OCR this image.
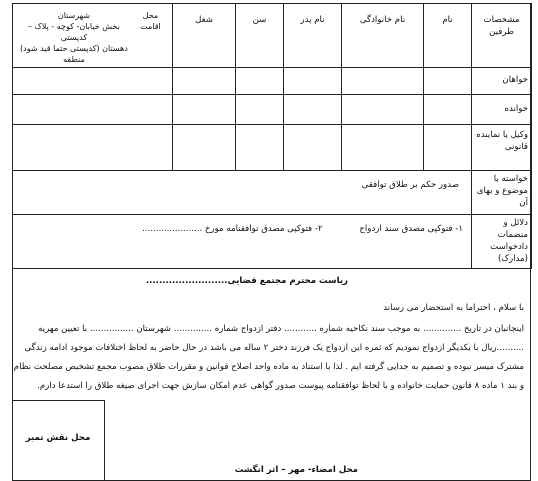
مشخصات طرفین	نام	نام خانوادگی	نام پدر	سن	شغل	محل اقامت
شهرستان
بخش خیابان- کوچه - پلاک – کدپستی
دهستان (کدپستی حتما قید شود)
منطقه

خواهان						
خوانده						
وکیل یا نماینده قانونی						
خواسته یا موضوع و بهای آن	صدور حکم بر طلاق توافقی					
دلائل و منضمات دادخواست (مدارک)	۱- فتوکپی مصدق سند ازدواج ۲- فتوکپی مصدق توافقنامه مورخ ......................					
ریاست محترم مجتمع قضایی.........................
با سلام ، احتراما به استحضار می رساند
اینجانبان در تاریخ .............. به موجب سند نکاحیه شماره ............ دفتر ازدواج شماره .............. شهرستان ................ با تعیین مهریه
..........ریال با یکدیگر ازدواج نمودیم که ثمره این ازدواج یک فرزند دختر ۲ ساله می باشد در حال حاضر به لحاظ اختلافات موجود ادامه زندگی
مشترک میسر نبوده و تصمیم به جدایی گرفته ایم . لذا با استناد به ماده واحد اصلاح قوانین و مقررات طلاق مصوب مجمع تشخیص مصلحت نظام
و بند ۱ ماده ۸ قانون حمایت خانواده و با لحاظ توافقنامه پیوست صدور گواهی عدم امکان سازش جهت اجرای صیغه طلاق را استدعا دارم.
محل نقش تمبر
محل امضاء- مهر – اثر انگشت
